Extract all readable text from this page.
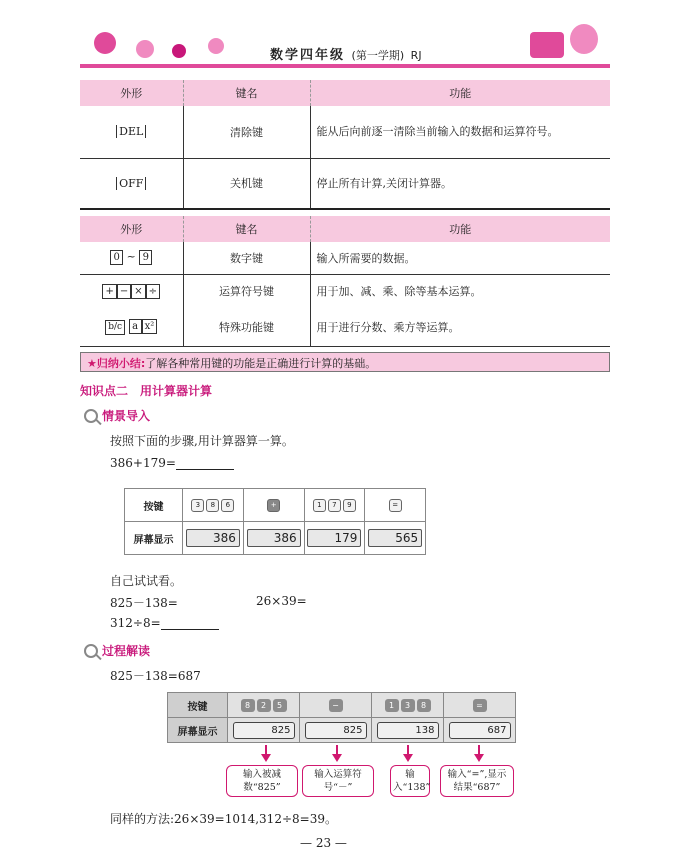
数学四年级 (第一学期) RJ
外形	键名	功能
DEL	清除键	能从后向前逐一清除当前输入的数据和运算符号。
OFF	关机键	停止所有计算,关闭计算器。
外形	键名	功能
0 ~ 9	数字键	输入所需要的数据。
+ − × ÷	运算符号键	用于加、减、乘、除等基本运算。
b/c a x²	特殊功能键	用于进行分数、乘方等运算。
★归纳小结:了解各种常用键的功能是正确进行计算的基础。
知识点二　用计算器计算
情景导入
按照下面的步骤,用计算器算一算。
386+179=
按键	3 8 6	+	1 7 9	=
屏幕显示	386	386	179	565
自己试试看。
825－138=	26×39=
312÷8=
过程解读
825－138=687
按键	8 2 5	−	1 3 8	=
屏幕显示	825	825	138	687
输入被减数“825”
输入运算符号“－”
输入“138”
输入“=”,显示结果“687”
同样的方法:26×39=1014,312÷8=39。
— 23 —
